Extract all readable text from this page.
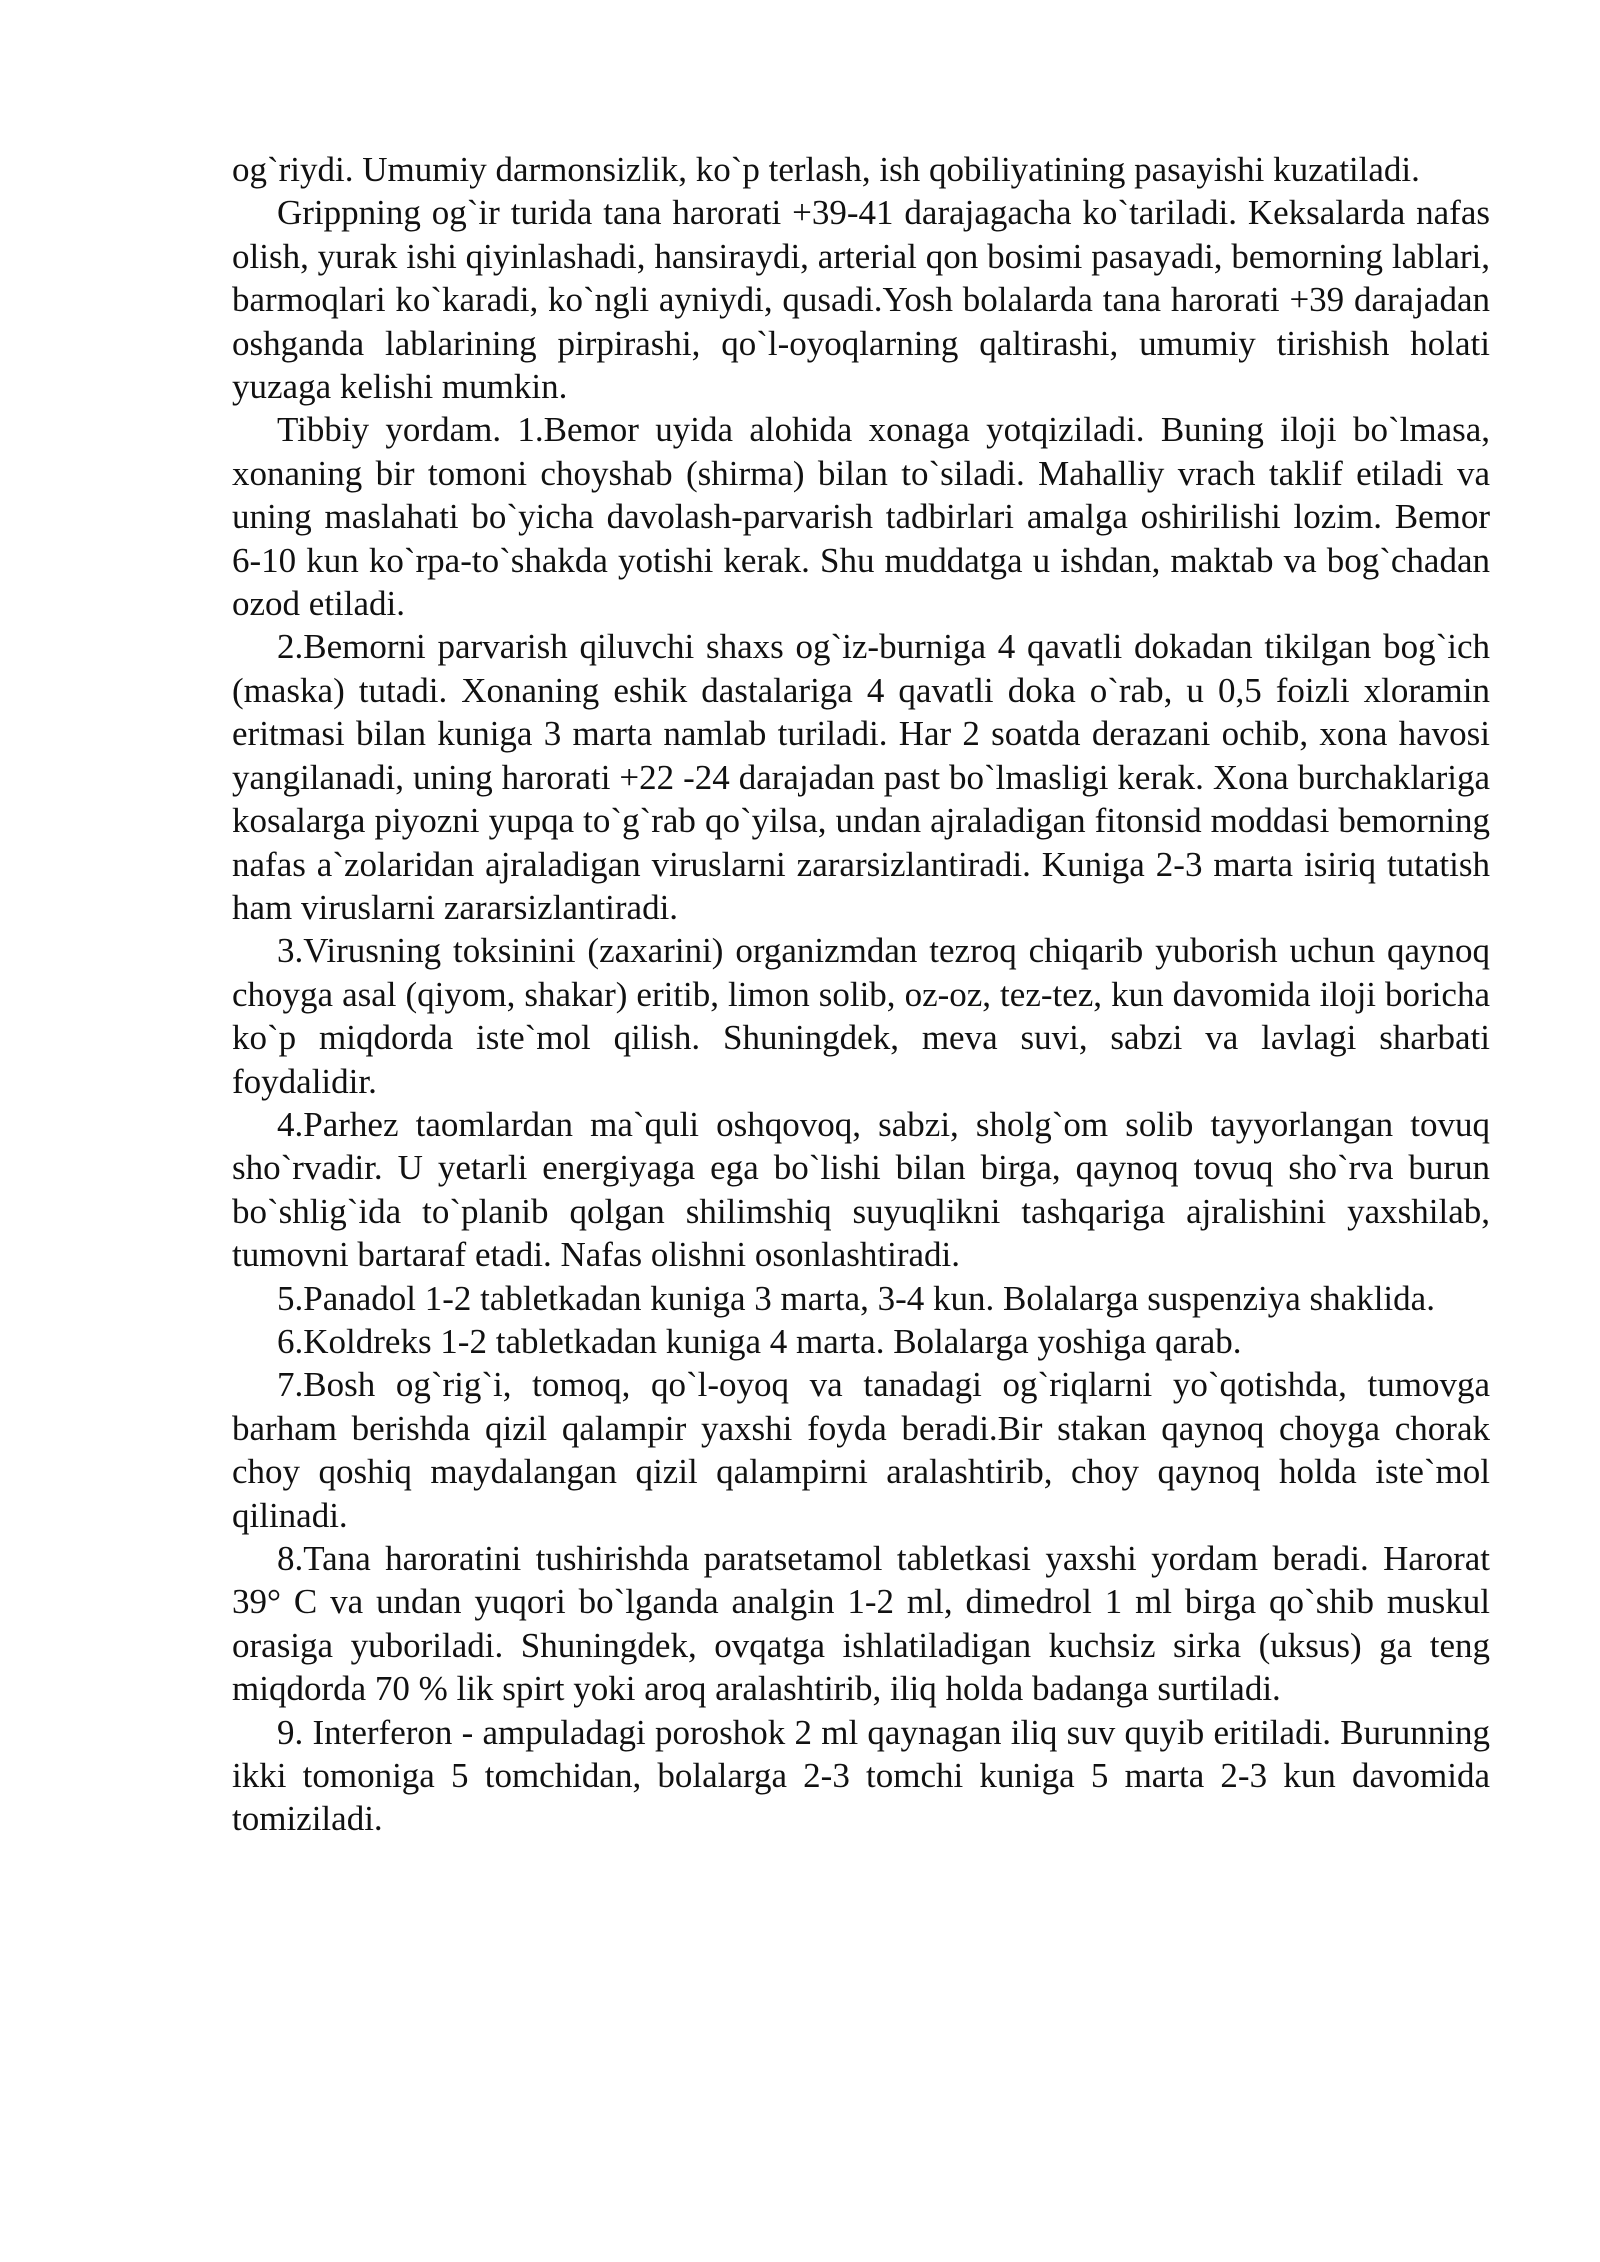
og`riydi. Umumiy darmonsizlik, ko`p terlash, ish qobiliyatining pasayishi kuzatiladi.

Grippning og`ir turida tana harorati +39-41 darajagacha ko`tariladi. Keksalarda nafas olish, yurak ishi qiyinlashadi, hansiraydi, arterial qon bosimi pasayadi, bemorning lablari, barmoqlari ko`karadi, ko`ngli ayniydi, qusadi.Yosh bolalarda tana harorati +39 darajadan oshganda lablarining pirpirashi, qo`l-oyoqlarning qaltirashi, umumiy tirishish holati yuzaga kelishi mumkin.

Tibbiy yordam. 1.Bemor uyida alohida xonaga yotqiziladi. Buning iloji bo`lmasa, xonaning bir tomoni choyshab (shirma) bilan to`siladi. Mahalliy vrach taklif etiladi va uning maslahati bo`yicha davolash-parvarish tadbirlari amalga oshirilishi lozim. Bemor 6-10 kun ko`rpa-to`shakda yotishi kerak. Shu muddatga u ishdan, maktab va bog`chadan ozod etiladi.

2.Bemorni parvarish qiluvchi shaxs og`iz-burniga 4 qavatli dokadan tikilgan bog`ich (maska) tutadi. Xonaning eshik dastalariga 4 qavatli doka o`rab, u 0,5 foizli xloramin eritmasi bilan kuniga 3 marta namlab turiladi. Har 2 soatda derazani ochib, xona havosi yangilanadi, uning harorati +22 -24 darajadan past bo`lmasligi kerak. Xona burchaklariga kosalarga piyozni yupqa to`g`rab qo`yilsa, undan ajraladigan fitonsid moddasi bemorning nafas a`zolaridan ajraladigan viruslarni zararsizlantiradi. Kuniga 2-3 marta isiriq tutatish ham viruslarni zararsizlantiradi.

3.Virusning toksinini (zaxarini) organizmdan tezroq chiqarib yuborish uchun qaynoq choyga asal (qiyom, shakar) eritib, limon solib, oz-oz, tez-tez, kun davomida iloji boricha ko`p miqdorda iste`mol qilish. Shuningdek, meva suvi, sabzi va lavlagi sharbati foydalidir.

4.Parhez taomlardan ma`quli oshqovoq, sabzi, sholg`om solib tayyorlangan tovuq sho`rvadir. U yetarli energiyaga ega bo`lishi bilan birga, qaynoq tovuq sho`rva burun bo`shlig`ida to`planib qolgan shilimshiq suyuqlikni tashqariga ajralishini yaxshilab, tumovni bartaraf etadi. Nafas olishni osonlashtiradi.

5.Panadol 1-2 tabletkadan kuniga 3 marta, 3-4 kun. Bolalarga suspenziya shaklida.

6.Koldreks 1-2 tabletkadan kuniga 4 marta. Bolalarga yoshiga qarab.

7.Bosh og`rig`i, tomoq, qo`l-oyoq va tanadagi og`riqlarni yo`qotishda, tumovga barham berishda qizil qalampir yaxshi foyda beradi.Bir stakan qaynoq choyga chorak choy qoshiq maydalangan qizil qalampirni aralashtirib, choy qaynoq holda iste`mol qilinadi.

8.Tana haroratini tushirishda paratsetamol tabletkasi yaxshi yordam beradi. Harorat 39° C va undan yuqori bo`lganda analgin 1-2 ml, dimedrol 1 ml birga qo`shib muskul orasiga yuboriladi. Shuningdek, ovqatga ishlatiladigan kuchsiz sirka (uksus) ga teng miqdorda 70 % lik spirt yoki aroq aralashtirib, iliq holda badanga surtiladi.

9. Interferon - ampuladagi poroshok 2 ml qaynagan iliq suv quyib eritiladi. Burunning ikki tomoniga 5 tomchidan, bolalarga 2-3 tomchi kuniga 5 marta 2-3 kun davomida tomiziladi.
